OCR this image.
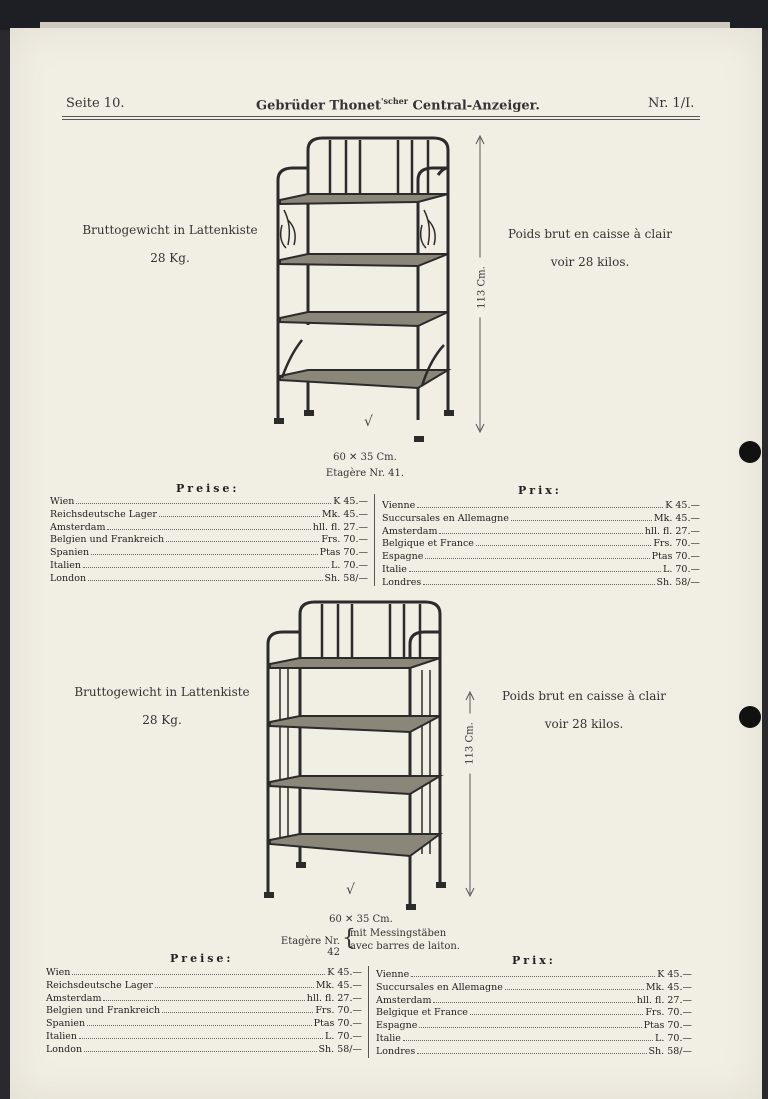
Seite 10.	Gebrüder Thonet$^{'scher}$ Central-Anzeiger.	Nr. 1/I.
Bruttogewicht in Lattenkiste
28 Kg.
Poids brut en caisse à clair
voir 28 kilos.
113 Cm.
√
60 ✕ 35 Cm.
Etagère Nr. 41.
Preise:	Prix:
Wien	K 45.—
Reichsdeutsche Lager	Mk. 45.—
Amsterdam	hll. fl. 27.—
Belgien und Frankreich	Frs. 70.—
Spanien	Ptas 70.—
Italien	L. 70.—
London	Sh. 58/—
Vienne	K 45.—
Succursales en Allemagne	Mk. 45.—
Amsterdam	hll. fl. 27.—
Belgique et France	Frs. 70.—
Espagne	Ptas 70.—
Italie	L. 70.—
Londres	Sh. 58/—
Bruttogewicht in Lattenkiste
28 Kg.
Poids brut en caisse à clair
voir 28 kilos.
113 Cm.
√
60 ✕ 35 Cm.
Etagère Nr. 42
{
mit Messingstäben
avec barres de laiton.
Preise:	Prix:
Wien	K 45.—
Reichsdeutsche Lager	Mk. 45.—
Amsterdam	hll. fl. 27.—
Belgien und Frankreich	Frs. 70.—
Spanien	Ptas 70.—
Italien	L. 70.—
London	Sh. 58/—
Vienne	K 45.—
Succursales en Allemagne	Mk. 45.—
Amsterdam	hll. fl. 27.—
Belgique et France	Frs. 70.—
Espagne	Ptas 70.—
Italie	L. 70.—
Londres	Sh. 58/—
